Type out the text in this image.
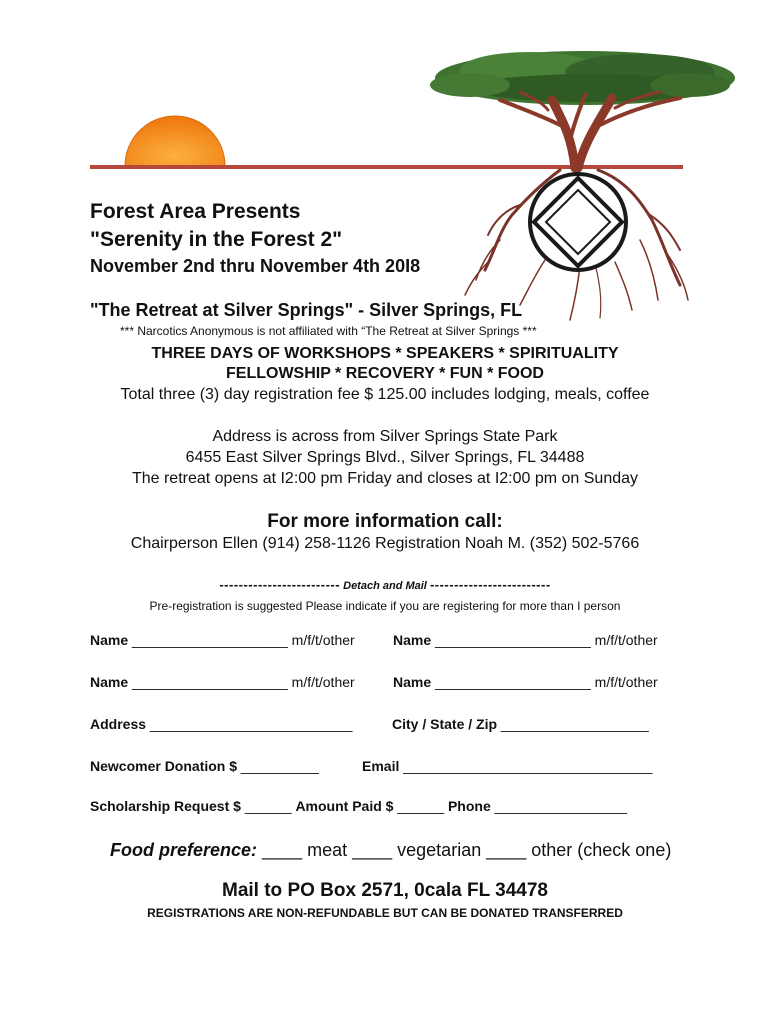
Forest Area Presents
"Serenity in the Forest 2"
November 2nd thru November 4th 20I8
"The Retreat at Silver Springs" - Silver Springs, FL
*** Narcotics Anonymous is not affiliated with “The Retreat at Silver Springs ***
THREE DAYS OF WORKSHOPS * SPEAKERS * SPIRITUALITY
FELLOWSHIP * RECOVERY * FUN * FOOD
Total three (3) day registration fee $ 125.00 includes lodging, meals, coffee
Address is across from Silver Springs State Park
6455 East Silver Springs Blvd., Silver Springs, FL 34488
The retreat opens at I2:00 pm Friday and closes at I2:00 pm on Sunday
For more information call:
Chairperson Ellen (914) 258-1126 Registration Noah M. (352) 502-5766
------------------------- Detach and Mail -------------------------
Pre-registration is suggested Please indicate if you are registering for more than I person
Name ____________________ m/f/t/other	Name ____________________ m/f/t/other
Name ____________________ m/f/t/other	Name ____________________ m/f/t/other
Address __________________________	City / State / Zip ___________________
Newcomer Donation $ __________	Email ________________________________
Scholarship Request $ ______ Amount Paid $ ______ Phone _________________
Food preference: ____ meat ____ vegetarian ____ other (check one)
Mail to PO Box 2571, 0cala FL 34478
REGISTRATIONS ARE NON-REFUNDABLE BUT CAN BE DONATED TRANSFERRED
